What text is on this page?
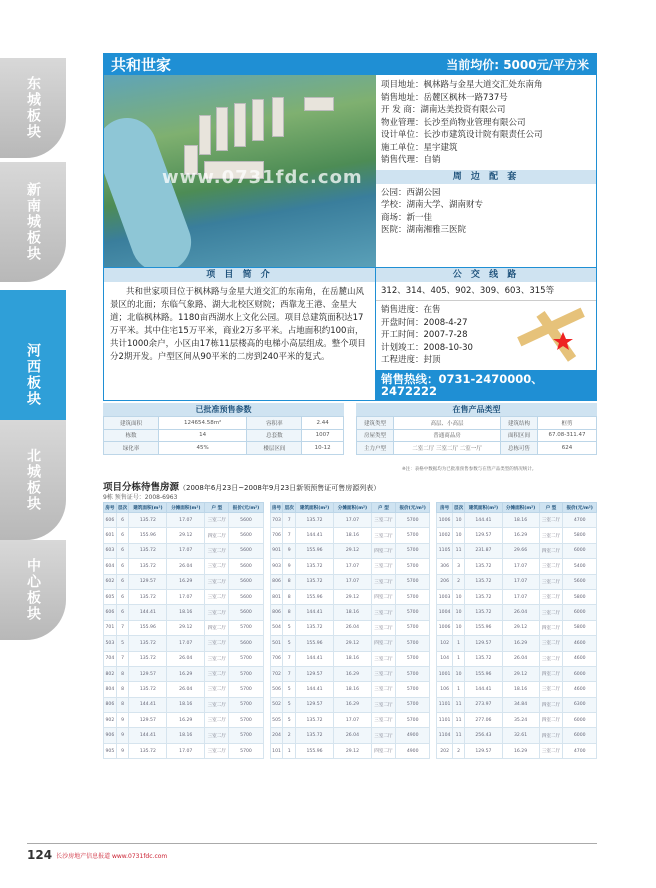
东城板块
新南城板块
河西板块
北城板块
中心板块
共和世家	当前均价: 5000元/平方米
www.0731fdc.com
项目地址：枫林路与金星大道交汇处东南角
销售地址：岳麓区枫林一路737号
开 发 商：湖南达美投资有限公司
物业管理：长沙至尚物业管理有限公司
设计单位：长沙市建筑设计院有限责任公司
施工单位：星宇建筑
销售代理：自销
周 边 配 套
公园：西湖公园
学校：湖南大学、湖南财专
商场：新一佳
医院：湖南湘雅三医院
项 目 简 介

共和世家项目位于枫林路与金星大道交汇的东南角，在岳麓山风景区的北面；东临气象路、湖大北校区财院；西靠龙王港、金星大道；北临枫林路。1180亩西湖水上文化公园。项目总建筑面积达17万平米。其中住宅15万平米，商业2万多平米。占地面积约100亩，共计1000余户，小区由17栋11层楼高的电梯小高层组成。整个项目分2期开发。户型区间从90平米的二房到240平米的复式。

公 交 线 路
312、314、405、902、309、603、315等
销售进度：在售
开盘时间：2008-4-27
开工时间：2007-7-28
计划竣工：2008-10-30
工程进度：封顶
销售热线：0731-2470000、2472222
已批准预售参数
建筑面积	124654.58m²	容积率	2.44
栋数	14	总套数	1007
绿化率	45%	楼层区间	10-12
在售产品类型
建筑类型	高层、小高层	建筑结构	框剪
房屋类型	普通商品房	面积区间	67.08-311.47
主力户型	二室二厅 三室二厅 二室一厅	总栋可售	624
※注：表格中数据均为已批准预售参数与在售产品类型的情况统计。
项目分栋待售房源（2008年6月23日~2008年9月23日新领预售证可售房源列表）
9栋 预售证号：2008-6963
房号	层次	建筑面积(m²)	分摊面积(m²)	户 型	报价(元/m²)
606	6	135.72	17.07	三室二厅	5600
601	6	155.96	29.12	四室二厅	5600
603	6	135.72	17.07	三室二厅	5600
604	6	135.72	26.04	三室二厅	5600
602	6	129.57	16.29	三室二厅	5600
605	6	135.72	17.07	三室二厅	5600
606	6	144.41	18.16	三室二厅	5600
701	7	155.96	29.12	四室二厅	5700
503	5	135.72	17.07	三室二厅	5600
704	7	135.72	26.04	三室二厅	5700
802	8	129.57	16.29	三室二厅	5700
804	8	135.72	26.04	三室二厅	5700
806	8	144.41	18.16	三室二厅	5700
902	9	129.57	16.29	三室二厅	5700
906	9	144.41	18.16	三室二厅	5700
905	9	135.72	17.07	三室二厅	5700
房号	层次	建筑面积(m²)	分摊面积(m²)	户 型	报价(元/m²)
703	7	135.72	17.07	三室二厅	5700
706	7	144.41	18.16	三室二厅	5700
901	9	155.96	29.12	四室二厅	5700
903	9	135.72	17.07	三室二厅	5700
806	8	135.72	17.07	三室二厅	5700
801	8	155.96	29.12	四室二厅	5700
806	8	144.41	18.16	三室二厅	5700
504	5	135.72	26.04	三室二厅	5700
501	5	155.96	29.12	四室二厅	5700
706	7	144.41	18.16	三室二厅	5700
702	7	129.57	16.29	三室二厅	5700
506	5	144.41	18.16	三室二厅	5700
502	5	129.57	16.29	三室二厅	5700
505	5	135.72	17.07	三室二厅	5700
204	2	135.72	26.04	三室二厅	4900
101	1	155.96	29.12	四室二厅	4900
房号	层次	建筑面积(m²)	分摊面积(m²)	户 型	报价(元/m²)
1006	10	144.41	18.16	三室二厅	4700
1002	10	129.57	16.29	三室二厅	5800
1105	11	231.87	29.66	四室二厅	6000
306	3	135.72	17.07	三室二厅	5400
206	2	135.72	17.07	三室二厅	5600
1003	10	135.72	17.07	三室二厅	5800
1004	10	135.72	26.04	三室二厅	6000
1006	10	155.96	29.12	四室二厅	5800
102	1	129.57	16.29	三室二厅	4600
104	1	135.72	26.04	三室二厅	4600
1001	10	155.96	29.12	四室二厅	6000
106	1	144.41	18.16	三室二厅	4600
1101	11	273.97	34.84	四室二厅	6300
1101	11	277.06	35.24	四室二厅	6000
1104	11	256.43	32.61	四室二厅	6000
202	2	129.57	16.29	三室二厅	4700
124 长沙房地产信息报道 www.0731fdc.com
